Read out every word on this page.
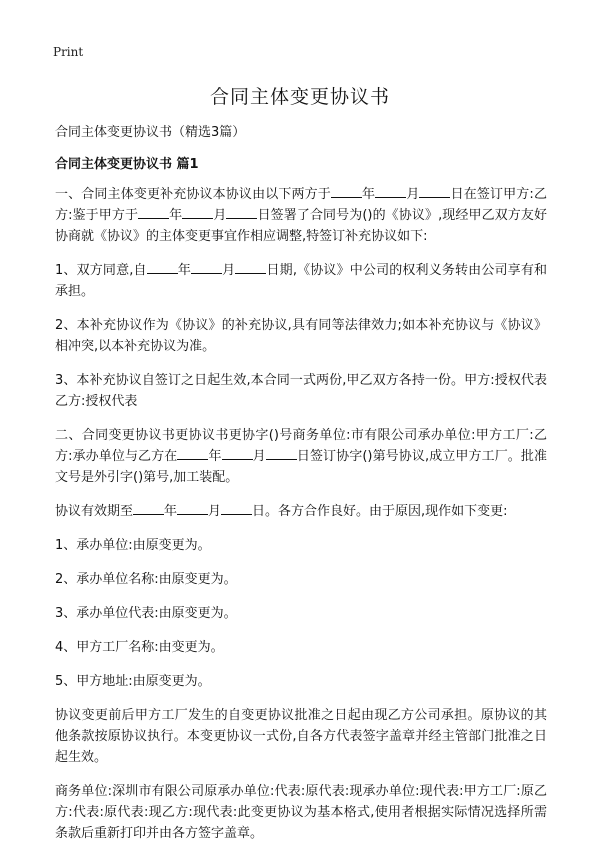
Print
合同主体变更协议书

合同主体变更协议书（精选3篇）

合同主体变更协议书 篇1

一、合同主体变更补充协议本协议由以下两方于 年 月 日在签订甲方:乙方:鉴于甲方于 年 月 日签署了合同号为()的《协议》,现经甲乙双方友好协商就《协议》的主体变更事宜作相应调整,特签订补充协议如下:

1、双方同意,自 年 月 日期,《协议》中公司的权利义务转由公司享有和承担。

2、本补充协议作为《协议》的补充协议,具有同等法律效力;如本补充协议与《协议》相冲突,以本补充协议为准。

3、本补充协议自签订之日起生效,本合同一式两份,甲乙双方各持一份。甲方:授权代表乙方:授权代表

二、合同变更协议书更协议书更协字()号商务单位:市有限公司承办单位:甲方工厂:乙方:承办单位与乙方在 年 月 日签订协字()第号协议,成立甲方工厂。批准文号是外引字()第号,加工装配。

协议有效期至 年 月 日。各方合作良好。由于原因,现作如下变更:

1、承办单位:由原变更为。

2、承办单位名称:由原变更为。

3、承办单位代表:由原变更为。

4、甲方工厂名称:由变更为。

5、甲方地址:由原变更为。

协议变更前后甲方工厂发生的自变更协议批准之日起由现乙方公司承担。原协议的其他条款按原协议执行。本变更协议一式份,自各方代表签字盖章并经主管部门批准之日起生效。

商务单位:深圳市有限公司原承办单位:代表:原代表:现承办单位:现代表:甲方工厂:原乙方:代表:原代表:现乙方:现代表:此变更协议为基本格式,使用者根据实际情况选择所需条款后重新打印并由各方签字盖章。
